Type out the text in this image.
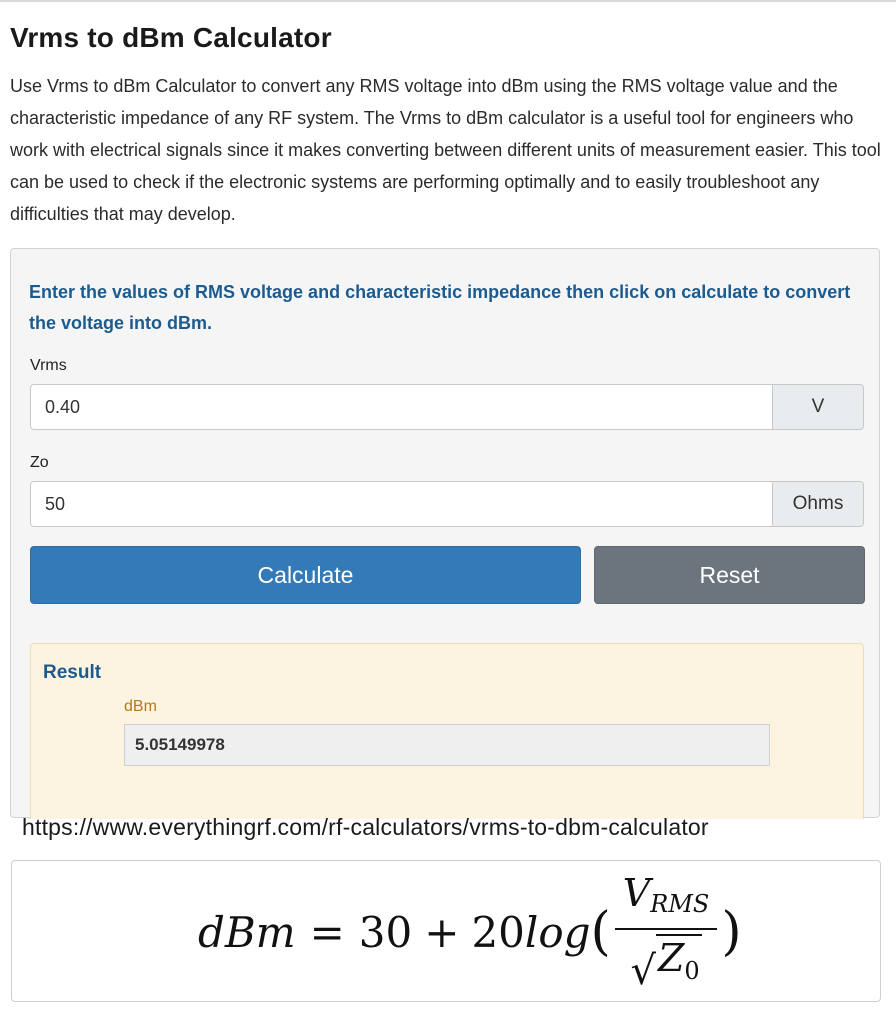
Vrms to dBm Calculator

Use Vrms to dBm Calculator to convert any RMS voltage into dBm using the RMS voltage value and the characteristic impedance of any RF system. The Vrms to dBm calculator is a useful tool for engineers who work with electrical signals since it makes converting between different units of measurement easier. This tool can be used to check if the electronic systems are performing optimally and to easily troubleshoot any difficulties that may develop.

Enter the values of RMS voltage and characteristic impedance then click on calculate to convert the voltage into dBm.

Vrms
0.40
V
Zo
50
Ohms
Calculate	Reset
Result
dBm
5.05149978

https://www.everythingrf.com/rf-calculators/vrms-to-dbm-calculator

dBm = 30 + 20 log ( $\frac{V_{RMS}}{√ Z_0}$ )
